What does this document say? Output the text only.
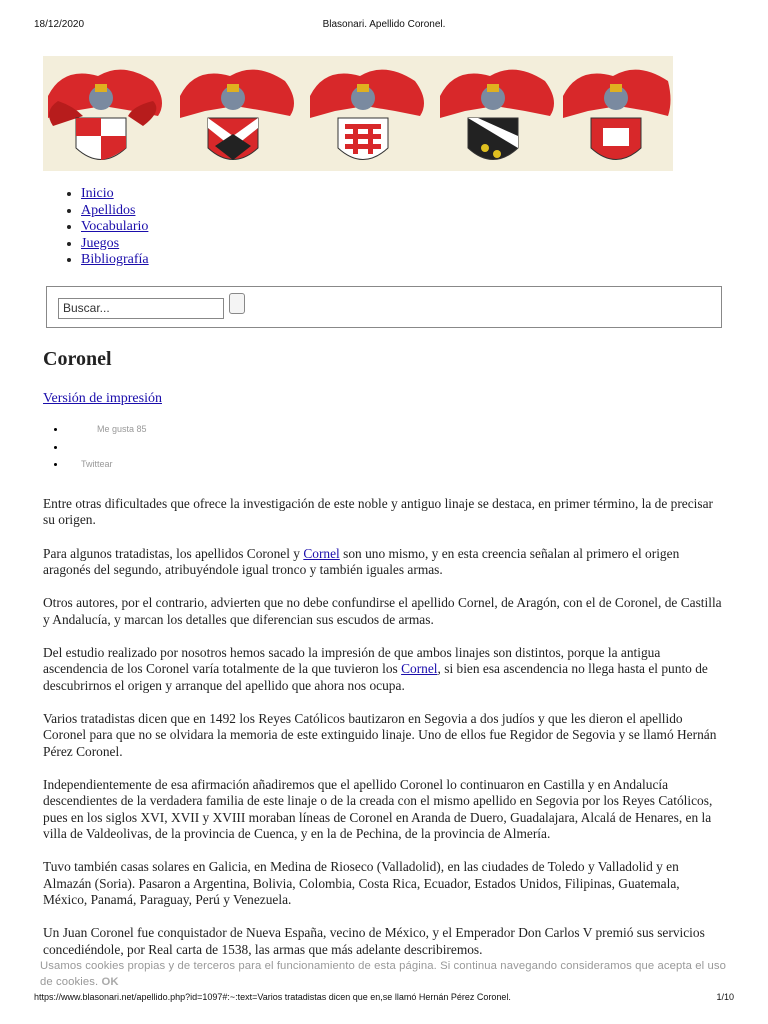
18/12/2020	Blasonari. Apellido Coronel.
• Inicio
• Apellidos
• Vocabulario
• Juegos
• Bibliografía
Buscar...
Coronel
Versión de impresión
• Me gusta 85
•
• Twittear

Entre otras dificultades que ofrece la investigación de este noble y antiguo linaje se destaca, en primer término, la de precisar su origen.

Para algunos tratadistas, los apellidos Coronel y Cornel son uno mismo, y en esta creencia señalan al primero el origen aragonés del segundo, atribuyéndole igual tronco y también iguales armas.

Otros autores, por el contrario, advierten que no debe confundirse el apellido Cornel, de Aragón, con el de Coronel, de Castilla y Andalucía, y marcan los detalles que diferencian sus escudos de armas.

Del estudio realizado por nosotros hemos sacado la impresión de que ambos linajes son distintos, porque la antigua ascendencia de los Coronel varía totalmente de la que tuvieron los Cornel, si bien esa ascendencia no llega hasta el punto de descubrirnos el origen y arranque del apellido que ahora nos ocupa.

Varios tratadistas dicen que en 1492 los Reyes Católicos bautizaron en Segovia a dos judíos y que les dieron el apellido Coronel para que no se olvidara la memoria de este extinguido linaje. Uno de ellos fue Regidor de Segovia y se llamó Hernán Pérez Coronel.

Independientemente de esa afirmación añadiremos que el apellido Coronel lo continuaron en Castilla y en Andalucía descendientes de la verdadera familia de este linaje o de la creada con el mismo apellido en Segovia por los Reyes Católicos, pues en los siglos XVI, XVII y XVIII moraban líneas de Coronel en Aranda de Duero, Guadalajara, Alcalá de Henares, en la villa de Valdeolivas, de la provincia de Cuenca, y en la de Pechina, de la provincia de Almería.

Tuvo también casas solares en Galicia, en Medina de Rioseco (Valladolid), en las ciudades de Toledo y Valladolid y en Almazán (Soria). Pasaron a Argentina, Bolivia, Colombia, Costa Rica, Ecuador, Estados Unidos, Filipinas, Guatemala, México, Panamá, Paraguay, Perú y Venezuela.

Un Juan Coronel fue conquistador de Nueva España, vecino de México, y el Emperador Don Carlos V premió sus servicios concediéndole, por Real carta de 1538, las armas que más adelante describiremos.

Usamos cookies propias y de terceros para el funcionamiento de esta página. Si continua navegando consideramos que acepta el uso de cookies. OK
https://www.blasonari.net/apellido.php?id=1097#:~:text=Varios tratadistas dicen que en,se llamó Hernán Pérez Coronel.	1/10
